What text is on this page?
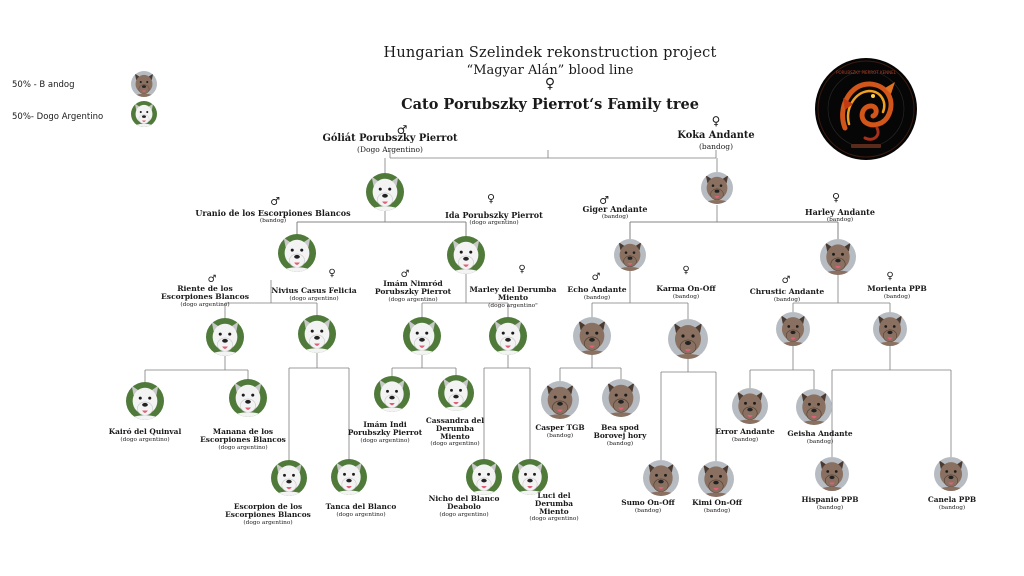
Hungarian Szelindek rekonstruction project
“Magyar Alán” blood line
♀
Cato Porubszky Pierrot‘s Family tree
50% - B andog
50%- Dogo Argentino
PORUBSZKY PIERROT KENNEL
Góliát Porubszky Pierrot
(Dogo Argentino)
♂	Koka Andante
(bandog)
♀
Uranio de los Escorpiones Blancos
(bandog)
♂
Ida Porubszky Pierrot
(dogo argentino)
♀
Giger Andante
(bandog)
♂
Harley Andante
(bandog)
♀
Riente de los Escorpiones Blancos
(dogo argentino)
♂
Nivius Casus Felicia
(dogo argentino)
♀
Imám Nimród Porubszky Pierrot
(dogo argentino)
♂
Marley del Derumba Miento
(dogo argentino"
♀
Echo Andante
(bandog)
♂
Karma On-Off
(bandog)
♀
Chrustic Andante
(bandog)
♂
Morienta PPB
(bandog)
♀
Kairó del Quinval
(dogo argentino)
Manana de los Escorpiones Blancos
(dogo argentino)
Imám Indi Porubszky Pierrot
(dogo argentino)
Cassandra del Derumba Miento
(dogo argentino)
Casper TGB
(bandog)
Bea spod Borovej hory
(bandog)
Error Andante
(bandog)
Geisha Andante
(bandog)
Escorpion de los Escorpiones Blancos
(dogo argentino)
Tanca del Blanco
(dogo argentino)
Nicho del Blanco Deabolo
(dogo argentino)
Luci del Derumba Miento
(dogo argentino)
Sumo On-Off
(bandog)
Kimi On-Off
(bandog)
Hispanio PPB
(bandog)
Canela PPB
(bandog)
